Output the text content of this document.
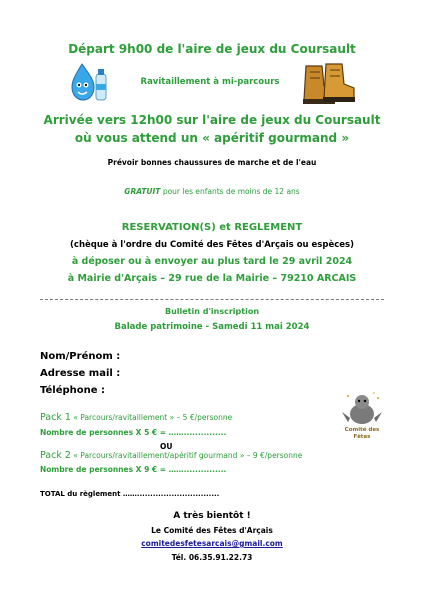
Départ 9h00 de l'aire de jeux du Coursault
Ravitaillement à mi-parcours
Arrivée vers 12h00 sur l'aire de jeux du Coursault
où vous attend un « apéritif gourmand »
Prévoir bonnes chaussures de marche et de l'eau
GRATUIT pour les enfants de moins de 12 ans
RESERVATION(S) et REGLEMENT
(chèque à l'ordre du Comité des Fêtes d'Arçais ou espèces)
à déposer ou à envoyer au plus tard le 29 avril 2024
à Mairie d'Arçais – 29 rue de la Mairie – 79210 ARCAIS
Bulletin d'inscription
Balade patrimoine - Samedi 11 mai 2024
Nom/Prénom :
Adresse mail :
Téléphone :
Pack 1 « Parcours/ravitaillement » – 5 €/personne
Nombre de personnes X 5 € = ……...............
OU
Pack 2 « Parcours/ravitaillement/apéritif gourmand » – 9 €/personne
Nombre de personnes X 9 € = ……...............
TOTAL du règlement ……...............................
Comité des
Fêtes
A très bientôt !
Le Comité des Fêtes d'Arçais
comitedesfetesarcais@gmail.com
Tél. 06.35.91.22.73
